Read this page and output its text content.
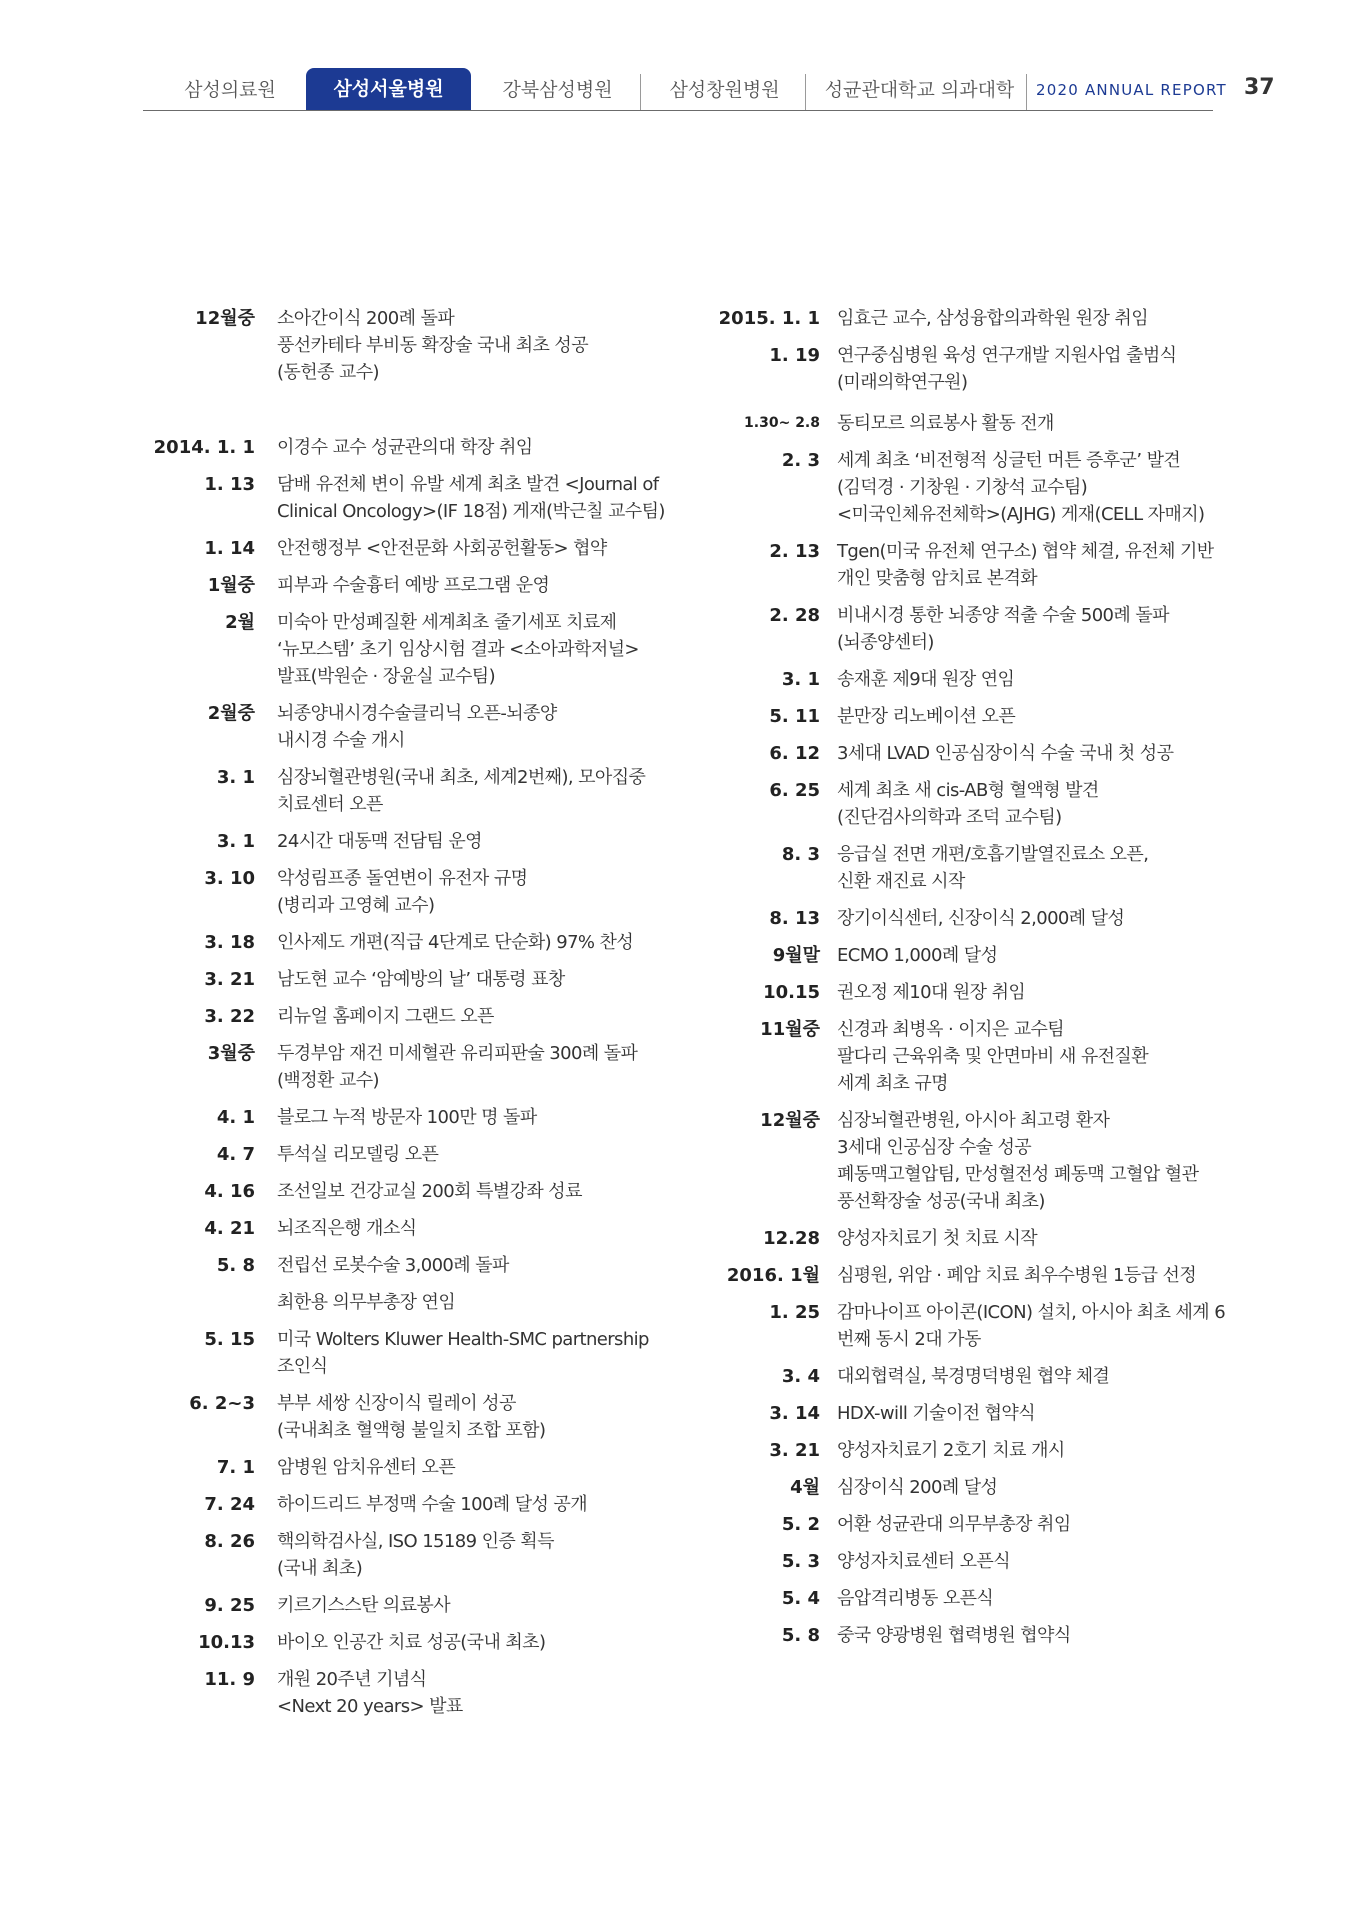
삼성의료원	삼성서울병원	강북삼성병원	삼성창원병원	성균관대학교 의과대학	2020 ANNUAL REPORT 37
12월중 소아간이식 200례 돌파
풍선카테타 부비동 확장술 국내 최초 성공
(동헌종 교수)
2014. 1. 1 이경수 교수 성균관의대 학장 취임
1. 13 담배 유전체 변이 유발 세계 최초 발견 <Journal of
Clinical Oncology>(IF 18점) 게재(박근칠 교수팀)
1. 14 안전행정부 <안전문화 사회공헌활동> 협약
1월중 피부과 수술흉터 예방 프로그램 운영
2월 미숙아 만성폐질환 세계최초 줄기세포 치료제
‘뉴모스템’ 초기 임상시험 결과 <소아과학저널>
발표(박원순 · 장윤실 교수팀)
2월중 뇌종양내시경수술클리닉 오픈-뇌종양
내시경 수술 개시
3. 1 심장뇌혈관병원(국내 최초, 세계2번째), 모아집중
치료센터 오픈
3. 1 24시간 대동맥 전담팀 운영
3. 10 악성림프종 돌연변이 유전자 규명
(병리과 고영혜 교수)
3. 18 인사제도 개편(직급 4단계로 단순화) 97% 찬성
3. 21 남도현 교수 ‘암예방의 날’ 대통령 표창
3. 22 리뉴얼 홈페이지 그랜드 오픈
3월중 두경부암 재건 미세혈관 유리피판술 300례 돌파
(백정환 교수)
4. 1 블로그 누적 방문자 100만 명 돌파
4. 7 투석실 리모델링 오픈
4. 16 조선일보 건강교실 200회 특별강좌 성료
4. 21 뇌조직은행 개소식
5. 8 전립선 로봇수술 3,000례 돌파
최한용 의무부총장 연임
5. 15 미국 Wolters Kluwer Health-SMC partnership
조인식
6. 2~3 부부 세쌍 신장이식 릴레이 성공
(국내최초 혈액형 불일치 조합 포함)
7. 1 암병원 암치유센터 오픈
7. 24 하이드리드 부정맥 수술 100례 달성 공개
8. 26 핵의학검사실, ISO 15189 인증 획득
(국내 최초)
9. 25 키르기스스탄 의료봉사
10.13 바이오 인공간 치료 성공(국내 최초)
11. 9 개원 20주년 기념식
<Next 20 years> 발표
2015. 1. 1 임효근 교수, 삼성융합의과학원 원장 취임
1. 19 연구중심병원 육성 연구개발 지원사업 출범식
(미래의학연구원)
1.30~ 2.8 동티모르 의료봉사 활동 전개
2. 3 세계 최초 ‘비전형적 싱글턴 머튼 증후군’ 발견
(김덕경 · 기창원 · 기창석 교수팀)
<미국인체유전체학>(AJHG) 게재(CELL 자매지)
2. 13 Tgen(미국 유전체 연구소) 협약 체결, 유전체 기반
개인 맞춤형 암치료 본격화
2. 28 비내시경 통한 뇌종양 적출 수술 500례 돌파
(뇌종양센터)
3. 1 송재훈 제9대 원장 연임
5. 11 분만장 리노베이션 오픈
6. 12 3세대 LVAD 인공심장이식 수술 국내 첫 성공
6. 25 세계 최초 새 cis-AB형 혈액형 발견
(진단검사의학과 조덕 교수팀)
8. 3 응급실 전면 개편/호흡기발열진료소 오픈,
신환 재진료 시작
8. 13 장기이식센터, 신장이식 2,000례 달성
9월말 ECMO 1,000례 달성
10.15 권오정 제10대 원장 취임
11월중 신경과 최병옥 · 이지은 교수팀
팔다리 근육위축 및 안면마비 새 유전질환
세계 최초 규명
12월중 심장뇌혈관병원, 아시아 최고령 환자
3세대 인공심장 수술 성공
폐동맥고혈압팀, 만성혈전성 폐동맥 고혈압 혈관
풍선확장술 성공(국내 최초)
12.28 양성자치료기 첫 치료 시작
2016. 1월 심평원, 위암 · 폐암 치료 최우수병원 1등급 선정
1. 25 감마나이프 아이콘(ICON) 설치, 아시아 최초 세계 6
번째 동시 2대 가동
3. 4 대외협력실, 북경명덕병원 협약 체결
3. 14 HDX-will 기술이전 협약식
3. 21 양성자치료기 2호기 치료 개시
4월 심장이식 200례 달성
5. 2 어환 성균관대 의무부총장 취임
5. 3 양성자치료센터 오픈식
5. 4 음압격리병동 오픈식
5. 8 중국 양광병원 협력병원 협약식
